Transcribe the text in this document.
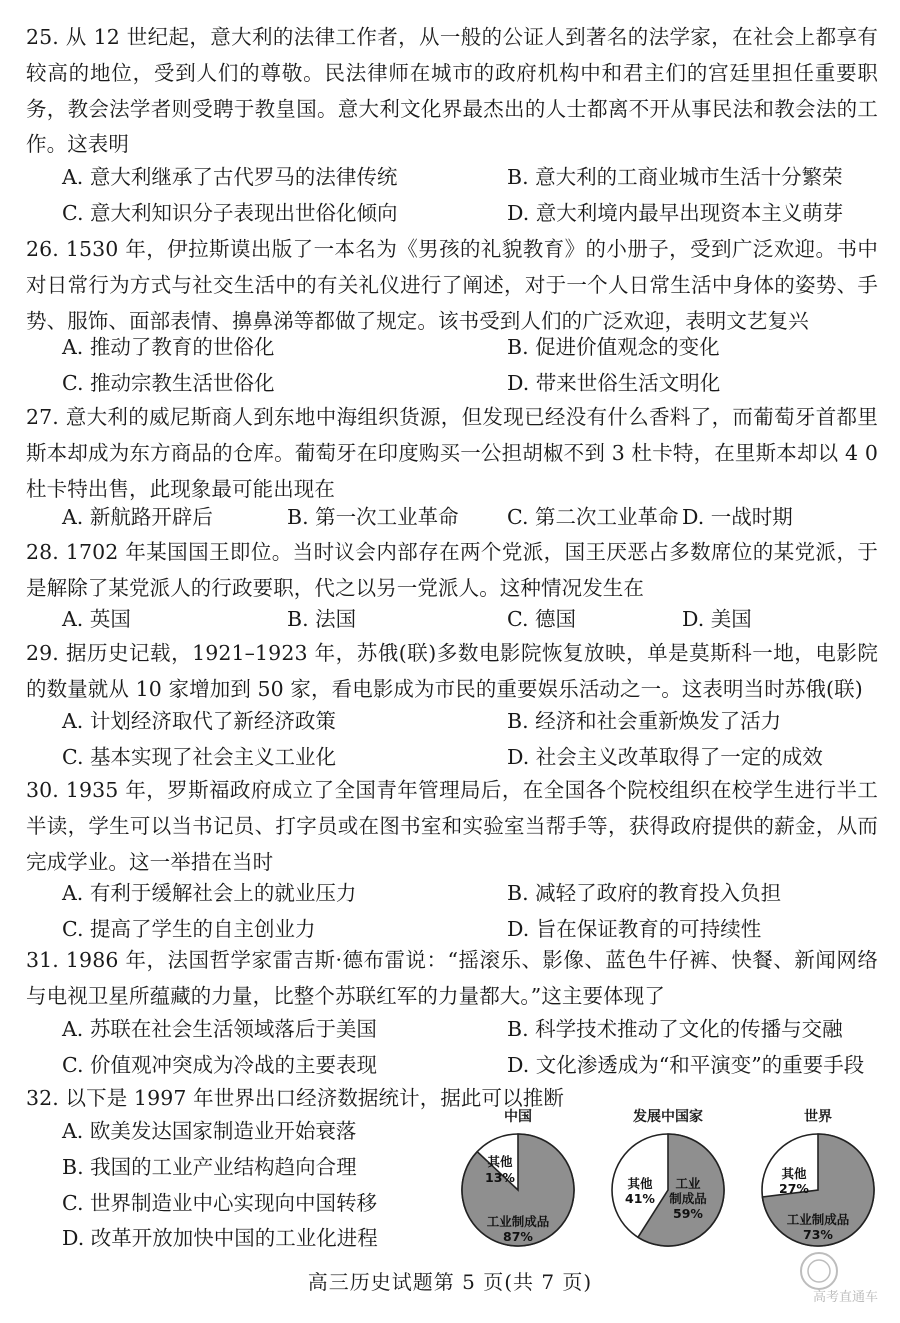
25. 从 12 世纪起，意大利的法律工作者，从一般的公证人到著名的法学家，在社会上都享有较高的地位，受到人们的尊敬。民法律师在城市的政府机构中和君主们的宫廷里担任重要职务，教会法学者则受聘于教皇国。意大利文化界最杰出的人士都离不开从事民法和教会法的工作。这表明

A. 意大利继承了古代罗马的法律传统	B. 意大利的工商业城市生活十分繁荣
C. 意大利知识分子表现出世俗化倾向	D. 意大利境内最早出现资本主义萌芽

26. 1530 年，伊拉斯谟出版了一本名为《男孩的礼貌教育》的小册子，受到广泛欢迎。书中对日常行为方式与社交生活中的有关礼仪进行了阐述，对于一个人日常生活中身体的姿势、手势、服饰、面部表情、擤鼻涕等都做了规定。该书受到人们的广泛欢迎，表明文艺复兴

A. 推动了教育的世俗化	B. 促进价值观念的变化
C. 推动宗教生活世俗化	D. 带来世俗生活文明化

27. 意大利的威尼斯商人到东地中海组织货源，但发现已经没有什么香料了，而葡萄牙首都里斯本却成为东方商品的仓库。葡萄牙在印度购买一公担胡椒不到 3 杜卡特，在里斯本却以 4 0 杜卡特出售，此现象最可能出现在

A. 新航路开辟后	B. 第一次工业革命 C. 第二次工业革命 D. 一战时期

28. 1702 年某国国王即位。当时议会内部存在两个党派，国王厌恶占多数席位的某党派，于是解除了某党派人的行政要职，代之以另一党派人。这种情况发生在

A. 英国	B. 法国	C. 德国	D. 美国

29. 据历史记载，1921–1923 年，苏俄(联)多数电影院恢复放映，单是莫斯科一地，电影院的数量就从 10 家增加到 50 家，看电影成为市民的重要娱乐活动之一。这表明当时苏俄(联)

A. 计划经济取代了新经济政策	B. 经济和社会重新焕发了活力
C. 基本实现了社会主义工业化	D. 社会主义改革取得了一定的成效

30. 1935 年，罗斯福政府成立了全国青年管理局后，在全国各个院校组织在校学生进行半工半读，学生可以当书记员、打字员或在图书室和实验室当帮手等，获得政府提供的薪金，从而完成学业。这一举措在当时

A. 有利于缓解社会上的就业压力	B. 减轻了政府的教育投入负担
C. 提高了学生的自主创业力	D. 旨在保证教育的可持续性

31. 1986 年，法国哲学家雷吉斯·德布雷说：“摇滚乐、影像、蓝色牛仔裤、快餐、新闻网络与电视卫星所蕴藏的力量，比整个苏联红军的力量都大。”这主要体现了

A. 苏联在社会生活领域落后于美国	B. 科学技术推动了文化的传播与交融
C. 价值观冲突成为冷战的主要表现	D. 文化渗透成为“和平演变”的重要手段

32. 以下是 1997 年世界出口经济数据统计，据此可以推断

A. 欧美发达国家制造业开始衰落
B. 我国的工业产业结构趋向合理
C. 世界制造业中心实现向中国转移
D. 改革开放加快中国的工业化进程
中国
工业制成品
87%
其他
13%
发展中国家
工业
制成品
59%
其他
41%
世界
工业制成品
73%
其他
27%
高三历史试题第 5 页(共 7 页)
高考直通车
